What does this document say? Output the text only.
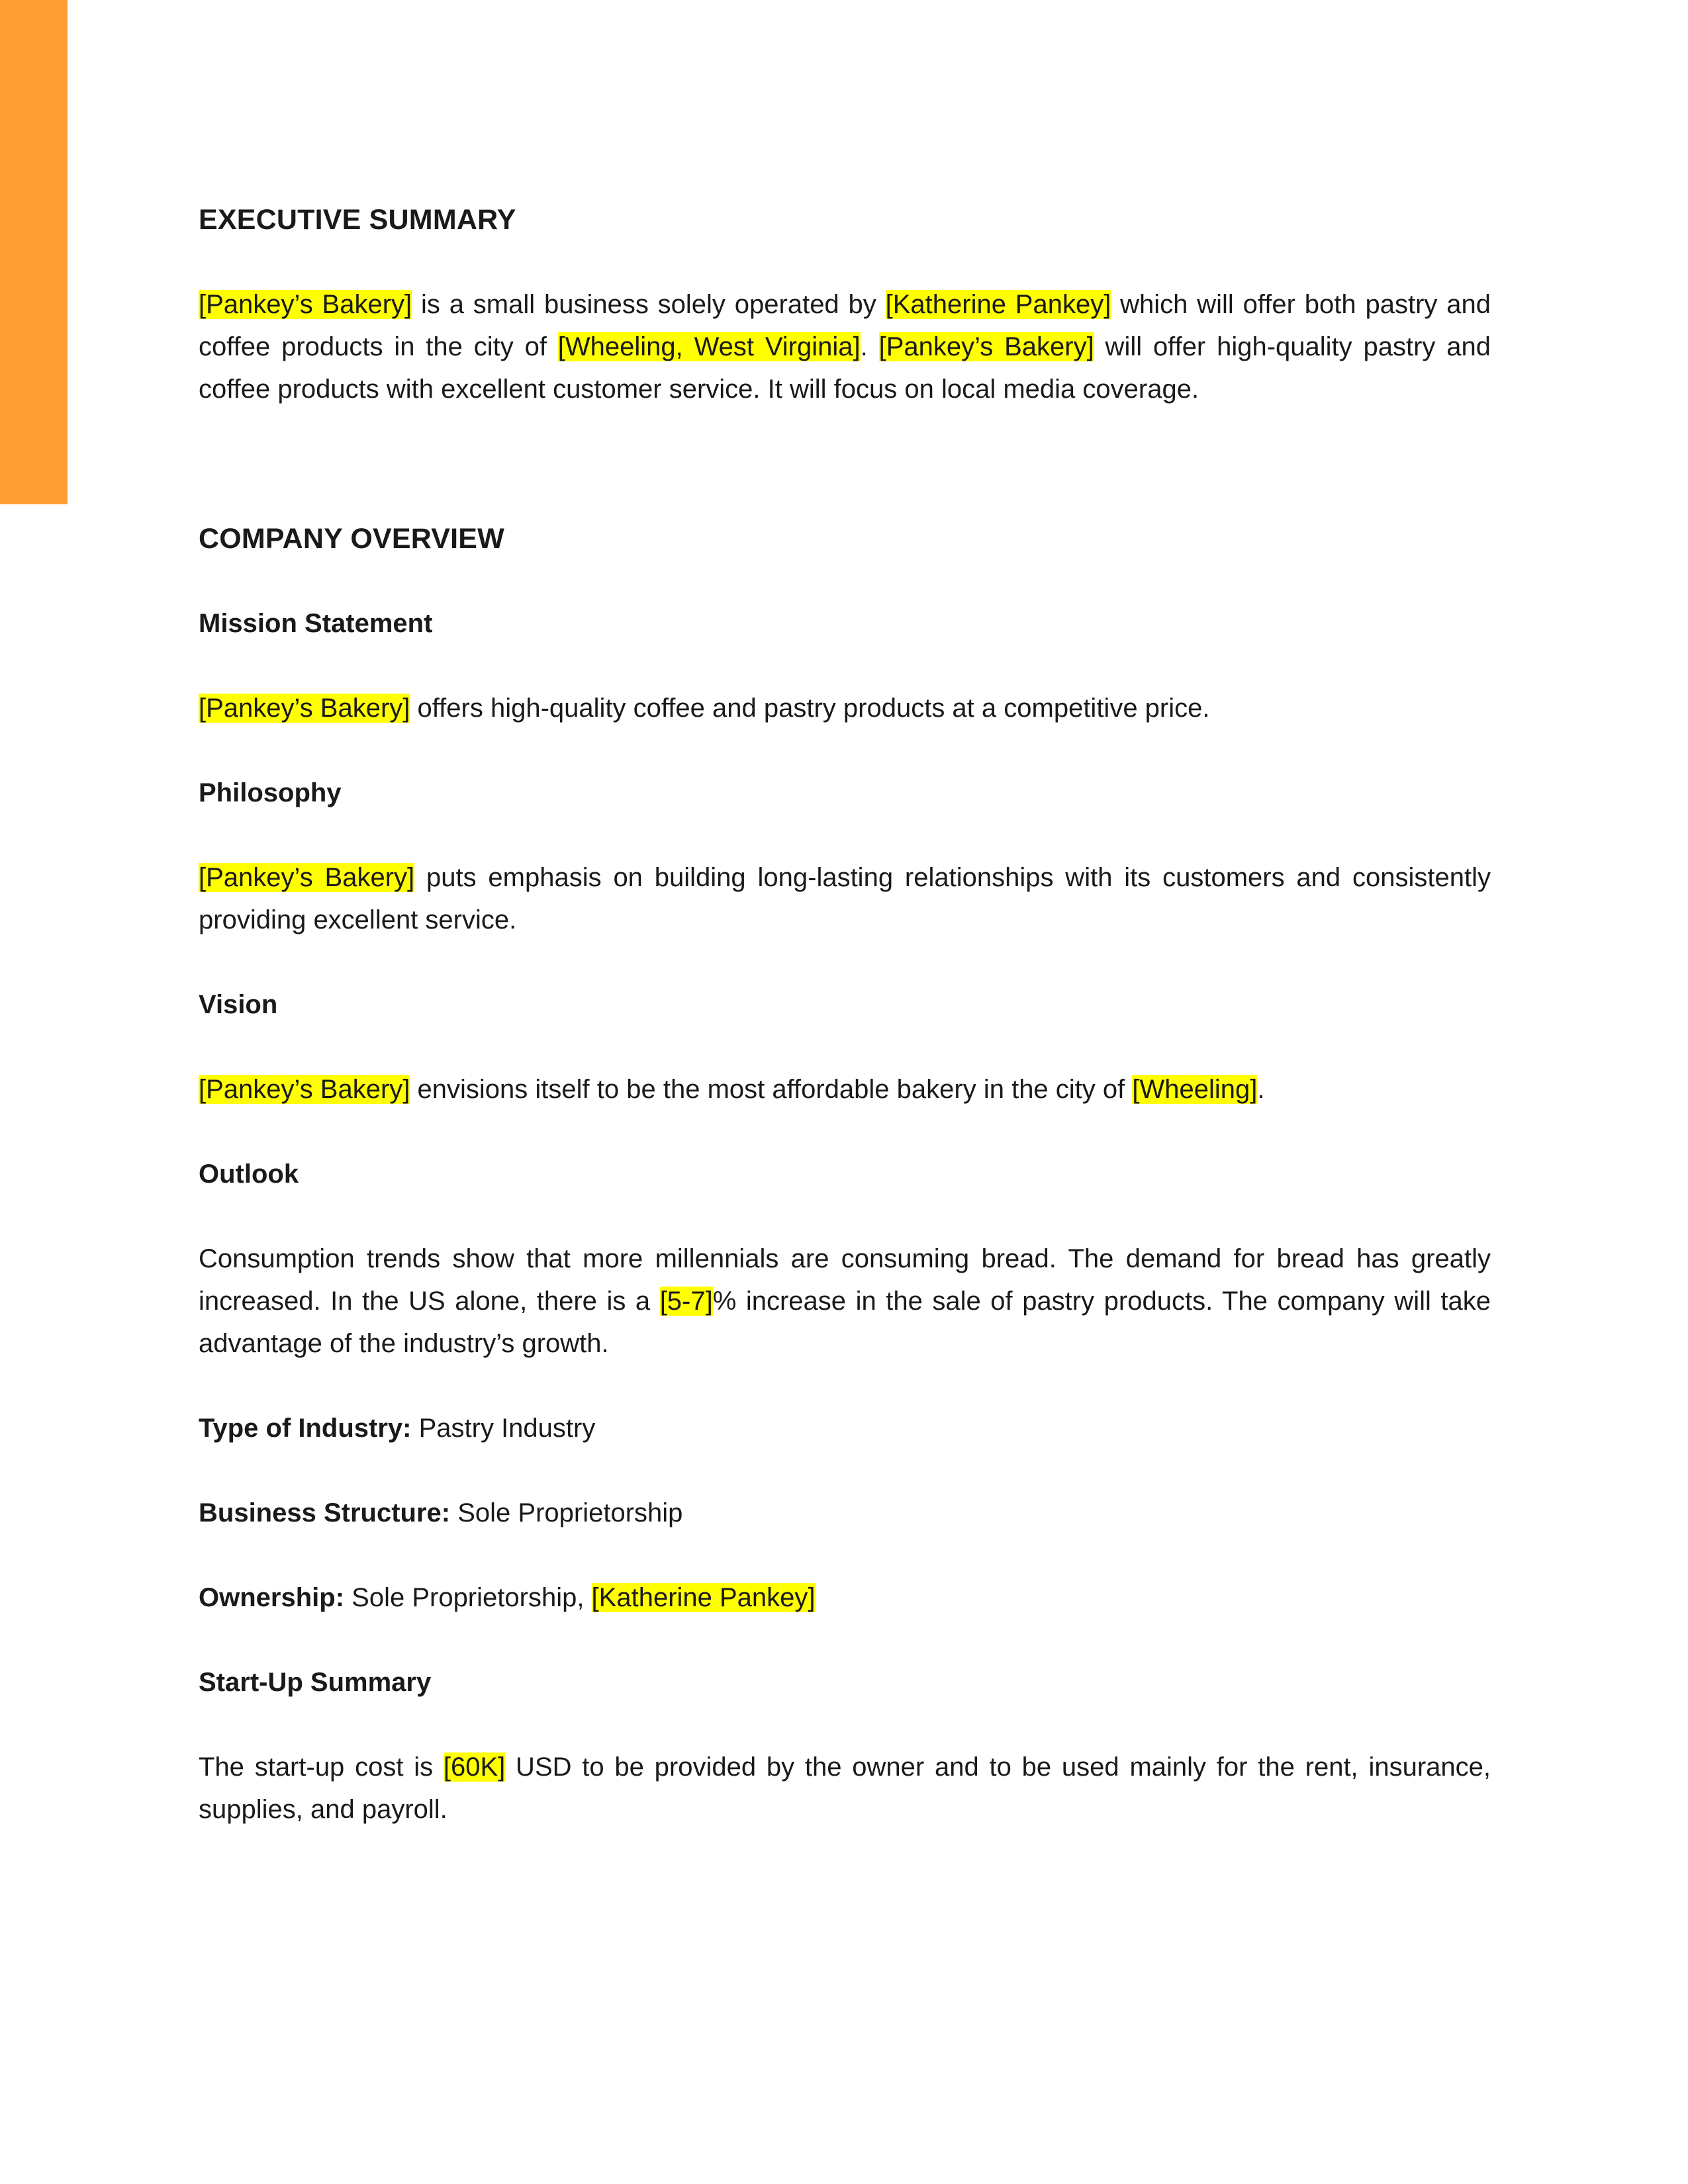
EXECUTIVE SUMMARY

[Pankey’s Bakery] is a small business solely operated by [Katherine Pankey] which will offer both pastry and coffee products in the city of [Wheeling, West Virginia]. [Pankey’s Bakery] will offer high-quality pastry and coffee products with excellent customer service. It will focus on local media coverage.

COMPANY OVERVIEW
Mission Statement

[Pankey’s Bakery] offers high-quality coffee and pastry products at a competitive price.

Philosophy

[Pankey’s Bakery] puts emphasis on building long-lasting relationships with its customers and consistently providing excellent service.

Vision

[Pankey’s Bakery] envisions itself to be the most affordable bakery in the city of [Wheeling].

Outlook

Consumption trends show that more millennials are consuming bread. The demand for bread has greatly increased. In the US alone, there is a [5-7]% increase in the sale of pastry products. The company will take advantage of the industry’s growth.

Type of Industry: Pastry Industry

Business Structure: Sole Proprietorship

Ownership: Sole Proprietorship, [Katherine Pankey]

Start-Up Summary

The start-up cost is [60K] USD to be provided by the owner and to be used mainly for the rent, insurance, supplies, and payroll.
